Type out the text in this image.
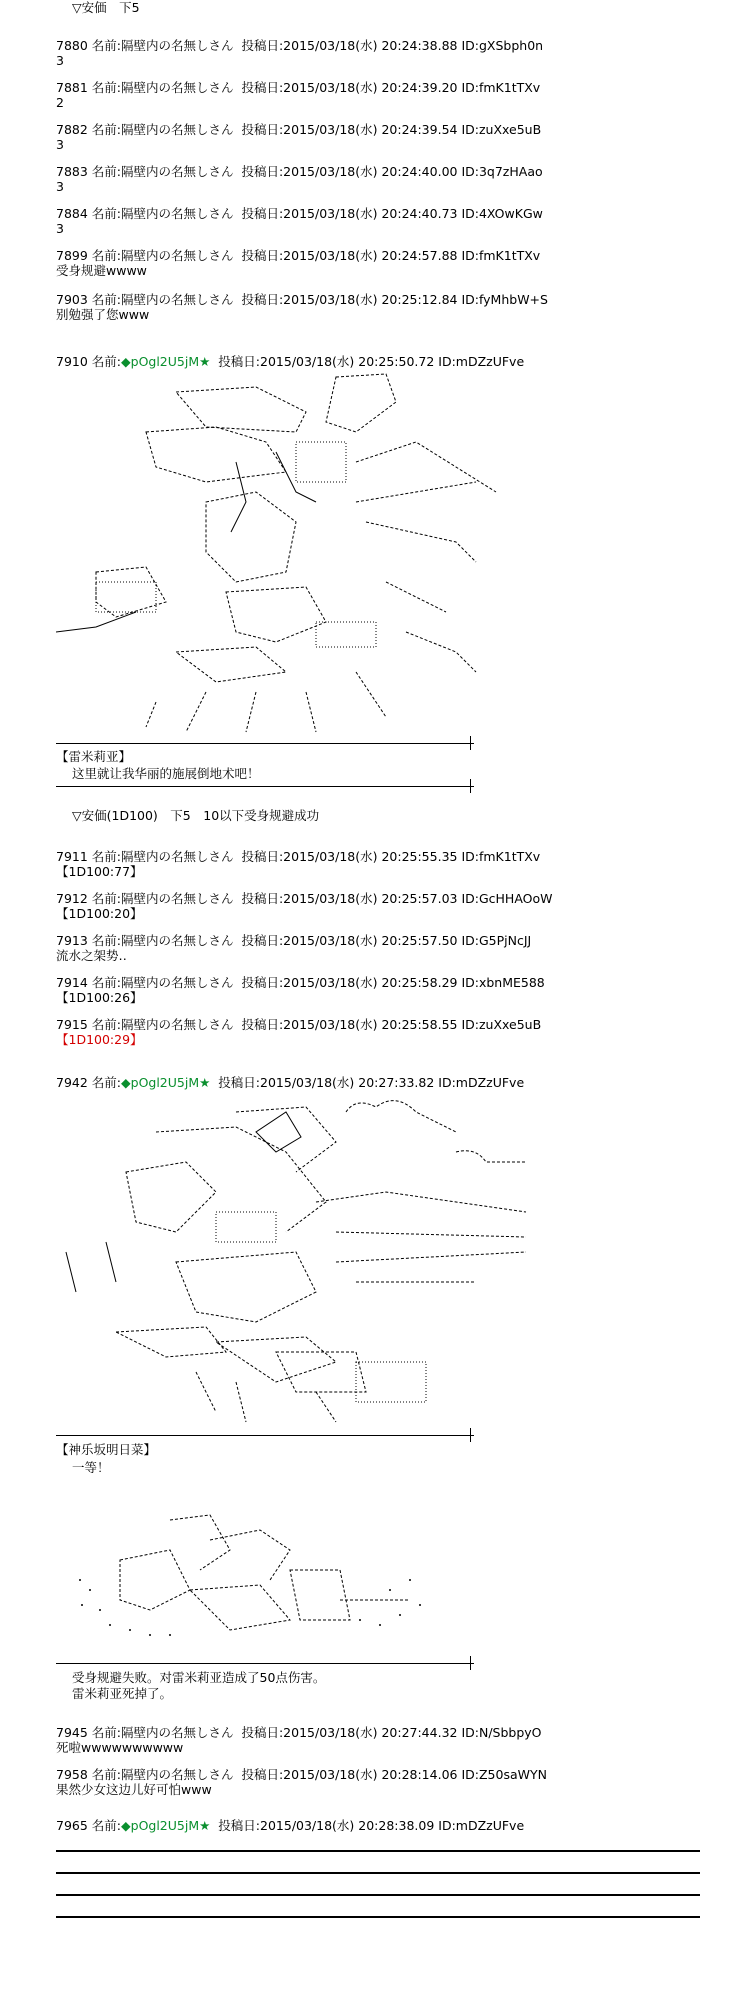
▽安価　下5
7880 名前:隔壁内の名無しさん 投稿日:2015/03/18(水) 20:24:38.88 ID:gXSbph0n
3
7881 名前:隔壁内の名無しさん 投稿日:2015/03/18(水) 20:24:39.20 ID:fmK1tTXv
2
7882 名前:隔壁内の名無しさん 投稿日:2015/03/18(水) 20:24:39.54 ID:zuXxe5uB
3
7883 名前:隔壁内の名無しさん 投稿日:2015/03/18(水) 20:24:40.00 ID:3q7zHAao
3
7884 名前:隔壁内の名無しさん 投稿日:2015/03/18(水) 20:24:40.73 ID:4XOwKGw
3
7899 名前:隔壁内の名無しさん 投稿日:2015/03/18(水) 20:24:57.88 ID:fmK1tTXv
受身规避wwww
7903 名前:隔壁内の名無しさん 投稿日:2015/03/18(水) 20:25:12.84 ID:fyMhbW+S
别勉强了您www
7910 名前:◆pOgl2U5jM★ 投稿日:2015/03/18(水) 20:25:50.72 ID:mDZzUFve
【雷米莉亚】
这里就让我华丽的施展倒地术吧！
▽安価(1D100)　下5　10以下受身规避成功
7911 名前:隔壁内の名無しさん 投稿日:2015/03/18(水) 20:25:55.35 ID:fmK1tTXv
【1D100:77】
7912 名前:隔壁内の名無しさん 投稿日:2015/03/18(水) 20:25:57.03 ID:GcHHAOoW
【1D100:20】
7913 名前:隔壁内の名無しさん 投稿日:2015/03/18(水) 20:25:57.50 ID:G5PjNcJJ
流水之架势‥
7914 名前:隔壁内の名無しさん 投稿日:2015/03/18(水) 20:25:58.29 ID:xbnME588
【1D100:26】
7915 名前:隔壁内の名無しさん 投稿日:2015/03/18(水) 20:25:58.55 ID:zuXxe5uB
【1D100:29】
7942 名前:◆pOgl2U5jM★ 投稿日:2015/03/18(水) 20:27:33.82 ID:mDZzUFve
【神乐坂明日菜】
一等！
受身规避失败。对雷米莉亚造成了50点伤害。
雷米莉亚死掉了。
7945 名前:隔壁内の名無しさん 投稿日:2015/03/18(水) 20:27:44.32 ID:N/SbbpyO
死啦wwwwwwwwww
7958 名前:隔壁内の名無しさん 投稿日:2015/03/18(水) 20:28:14.06 ID:Z50saWYN
果然少女这边儿好可怕www
7965 名前:◆pOgl2U5jM★ 投稿日:2015/03/18(水) 20:28:38.09 ID:mDZzUFve
